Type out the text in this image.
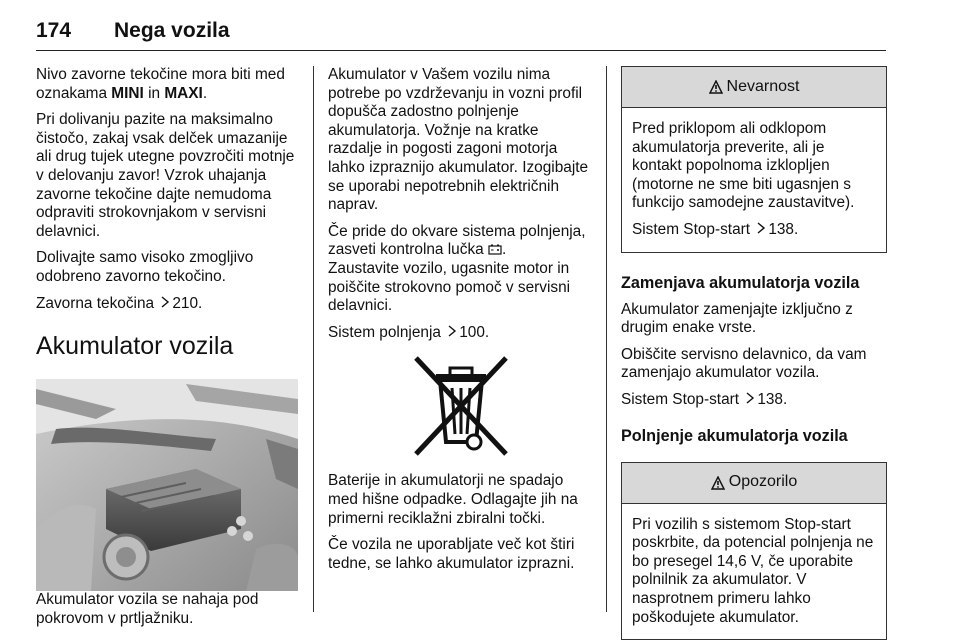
174 Nega vozila

Nivo zavorne tekočine mora biti med oznakama MINI in MAXI.

Pri dolivanju pazite na maksimalno čistočo, zakaj vsak delček umazanije ali drug tujek utegne povzročiti motnje v delovanju zavor! Vzrok uhajanja zavorne tekočine dajte nemudoma odpraviti strokovnjakom v servisni delavnici.

Dolivajte samo visoko zmogljivo odobreno zavorno tekočino.

Zavorna tekočina 210.

Akumulator vozila

Akumulator vozila se nahaja pod pokrovom v prtljažniku.

Akumulator v Vašem vozilu nima potrebe po vzdrževanju in vozni profil dopušča zadostno polnjenje akumulatorja. Vožnje na kratke razdalje in pogosti zagoni motorja lahko izpraznijo akumulator. Izogibajte se uporabi nepotrebnih električnih naprav.

Če pride do okvare sistema polnjenja, zasveti kontrolna lučka .
Zaustavite vozilo, ugasnite motor in poiščite strokovno pomoč v servisni delavnici.

Sistem polnjenja 100.

Baterije in akumulatorji ne spadajo med hišne odpadke. Odlagajte jih na primerni reciklažni zbiralni točki.

Če vozila ne uporabljate več kot štiri tedne, se lahko akumulator izprazni.

Nevarnost

Pred priklopom ali odklopom akumulatorja preverite, ali je kontakt popolnoma izklopljen (motorne ne sme biti ugasnjen s funkcijo samodejne zaustavitve).

Sistem Stop-start 138.

Zamenjava akumulatorja vozila

Akumulator zamenjajte izključno z drugim enake vrste.

Obiščite servisno delavnico, da vam zamenjajo akumulator vozila.

Sistem Stop-start 138.

Polnjenje akumulatorja vozila
Opozorilo

Pri vozilih s sistemom Stop-start poskrbite, da potencial polnjenja ne bo presegel 14,6 V, če uporabite polnilnik za akumulator. V nasprotnem primeru lahko poškodujete akumulator.
